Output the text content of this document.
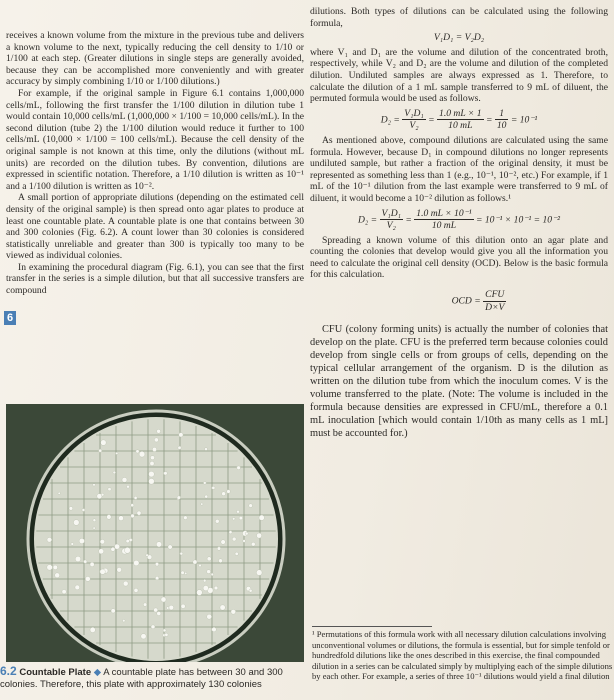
receives a known volume from the mixture in the previous tube and delivers a known volume to the next, typically reducing the cell density to 1/10 or 1/100 at each step. (Greater dilutions in single steps are generally avoided, because they can be accomplished more conveniently and with greater accuracy by simply combining 1/10 or 1/100 dilutions.)

For example, if the original sample in Figure 6.1 contains 1,000,000 cells/mL, following the first transfer the 1/100 dilution in dilution tube 1 would contain 10,000 cells/mL (1,000,000 × 1/100 = 10,000 cells/mL). In the second dilution (tube 2) the 1/100 dilution would reduce it further to 100 cells/mL (10,000 × 1/100 = 100 cells/mL). Because the cell density of the original sample is not known at this time, only the dilutions (without mL units) are recorded on the dilution tubes. By convention, dilutions are expressed in scientific notation. Therefore, a 1/10 dilution is written as 10⁻¹ and a 1/100 dilution is written as 10⁻².

A small portion of appropriate dilutions (depending on the estimated cell density of the original sample) is then spread onto agar plates to produce at least one countable plate. A countable plate is one that contains between 30 and 300 colonies (Fig. 6.2). A count lower than 30 colonies is considered statistically unreliable and greater than 300 is typically too many to be viewed as individual colonies.

In examining the procedural diagram (Fig. 6.1), you can see that the first transfer in the series is a simple dilution, but that all successive transfers are compound

6
6.2 Countable Plate ◆ A countable plate has between 30 and 300 colonies. Therefore, this plate with approximately 130 colonies

dilutions. Both types of dilutions can be calculated using the following formula,

V₁D₁ = V₂D₂

where V₁ and D₁ are the volume and dilution of the concentrated broth, respectively, while V₂ and D₂ are the volume and dilution of the completed dilution. Undiluted samples are always expressed as 1. Therefore, to calculate the dilution of a 1 mL sample transferred to 9 mL of diluent, the permuted formula would be used as follows.

$D_2 = \frac{\text{V₁D₁}}{\text{V₂}} = \frac{1.0 mL \times 1}{10 mL} = \frac{1}{10} = 10^{-1}$

As mentioned above, compound dilutions are calculated using the same formula. However, because D₁ in compound dilutions no longer represents undiluted sample, but rather a fraction of the original density, it must be represented as something less than 1 (e.g., 10⁻¹, 10⁻², etc.) For example, if 1 mL of the 10⁻¹ dilution from the last example were transferred to 9 mL of diluent, it would become a 10⁻² dilution as follows.¹

$D_2 = \frac{\text{V₁D₁}}{\text{V₂}} = \frac{\text{1.0 mL × 10⁻¹}}{10 mL} = 10^{-1} \times 10^{-1} = 10^{-2}$

Spreading a known volume of this dilution onto an agar plate and counting the colonies that develop would give you all the information you need to calculate the original cell density (OCD). Below is the basic formula for this calculation.

OCD = $\frac{\text{CFU}}{D\times V}$

CFU (colony forming units) is actually the number of colonies that develop on the plate. CFU is the preferred term because colonies could develop from single cells or from groups of cells, depending on the typical cellular arrangement of the organism. D is the dilution as written on the dilution tube from which the inoculum comes. V is the volume transferred to the plate. (Note: The volume is included in the formula because densities are expressed in CFU/mL, therefore a 0.1 mL inoculation [which would contain 1/10th as many cells as 1 mL] must be accounted for.)

¹ Permutations of this formula work with all necessary dilution calculations involving unconventional volumes or dilutions, the formula is essential, but for simple tenfold or hundredfold dilutions like the ones described in this exercise, the final compounded dilution in a series can be calculated simply by multiplying each of the simple dilutions by each other. For example, a series of three 10⁻¹ dilutions would yield a final dilution
